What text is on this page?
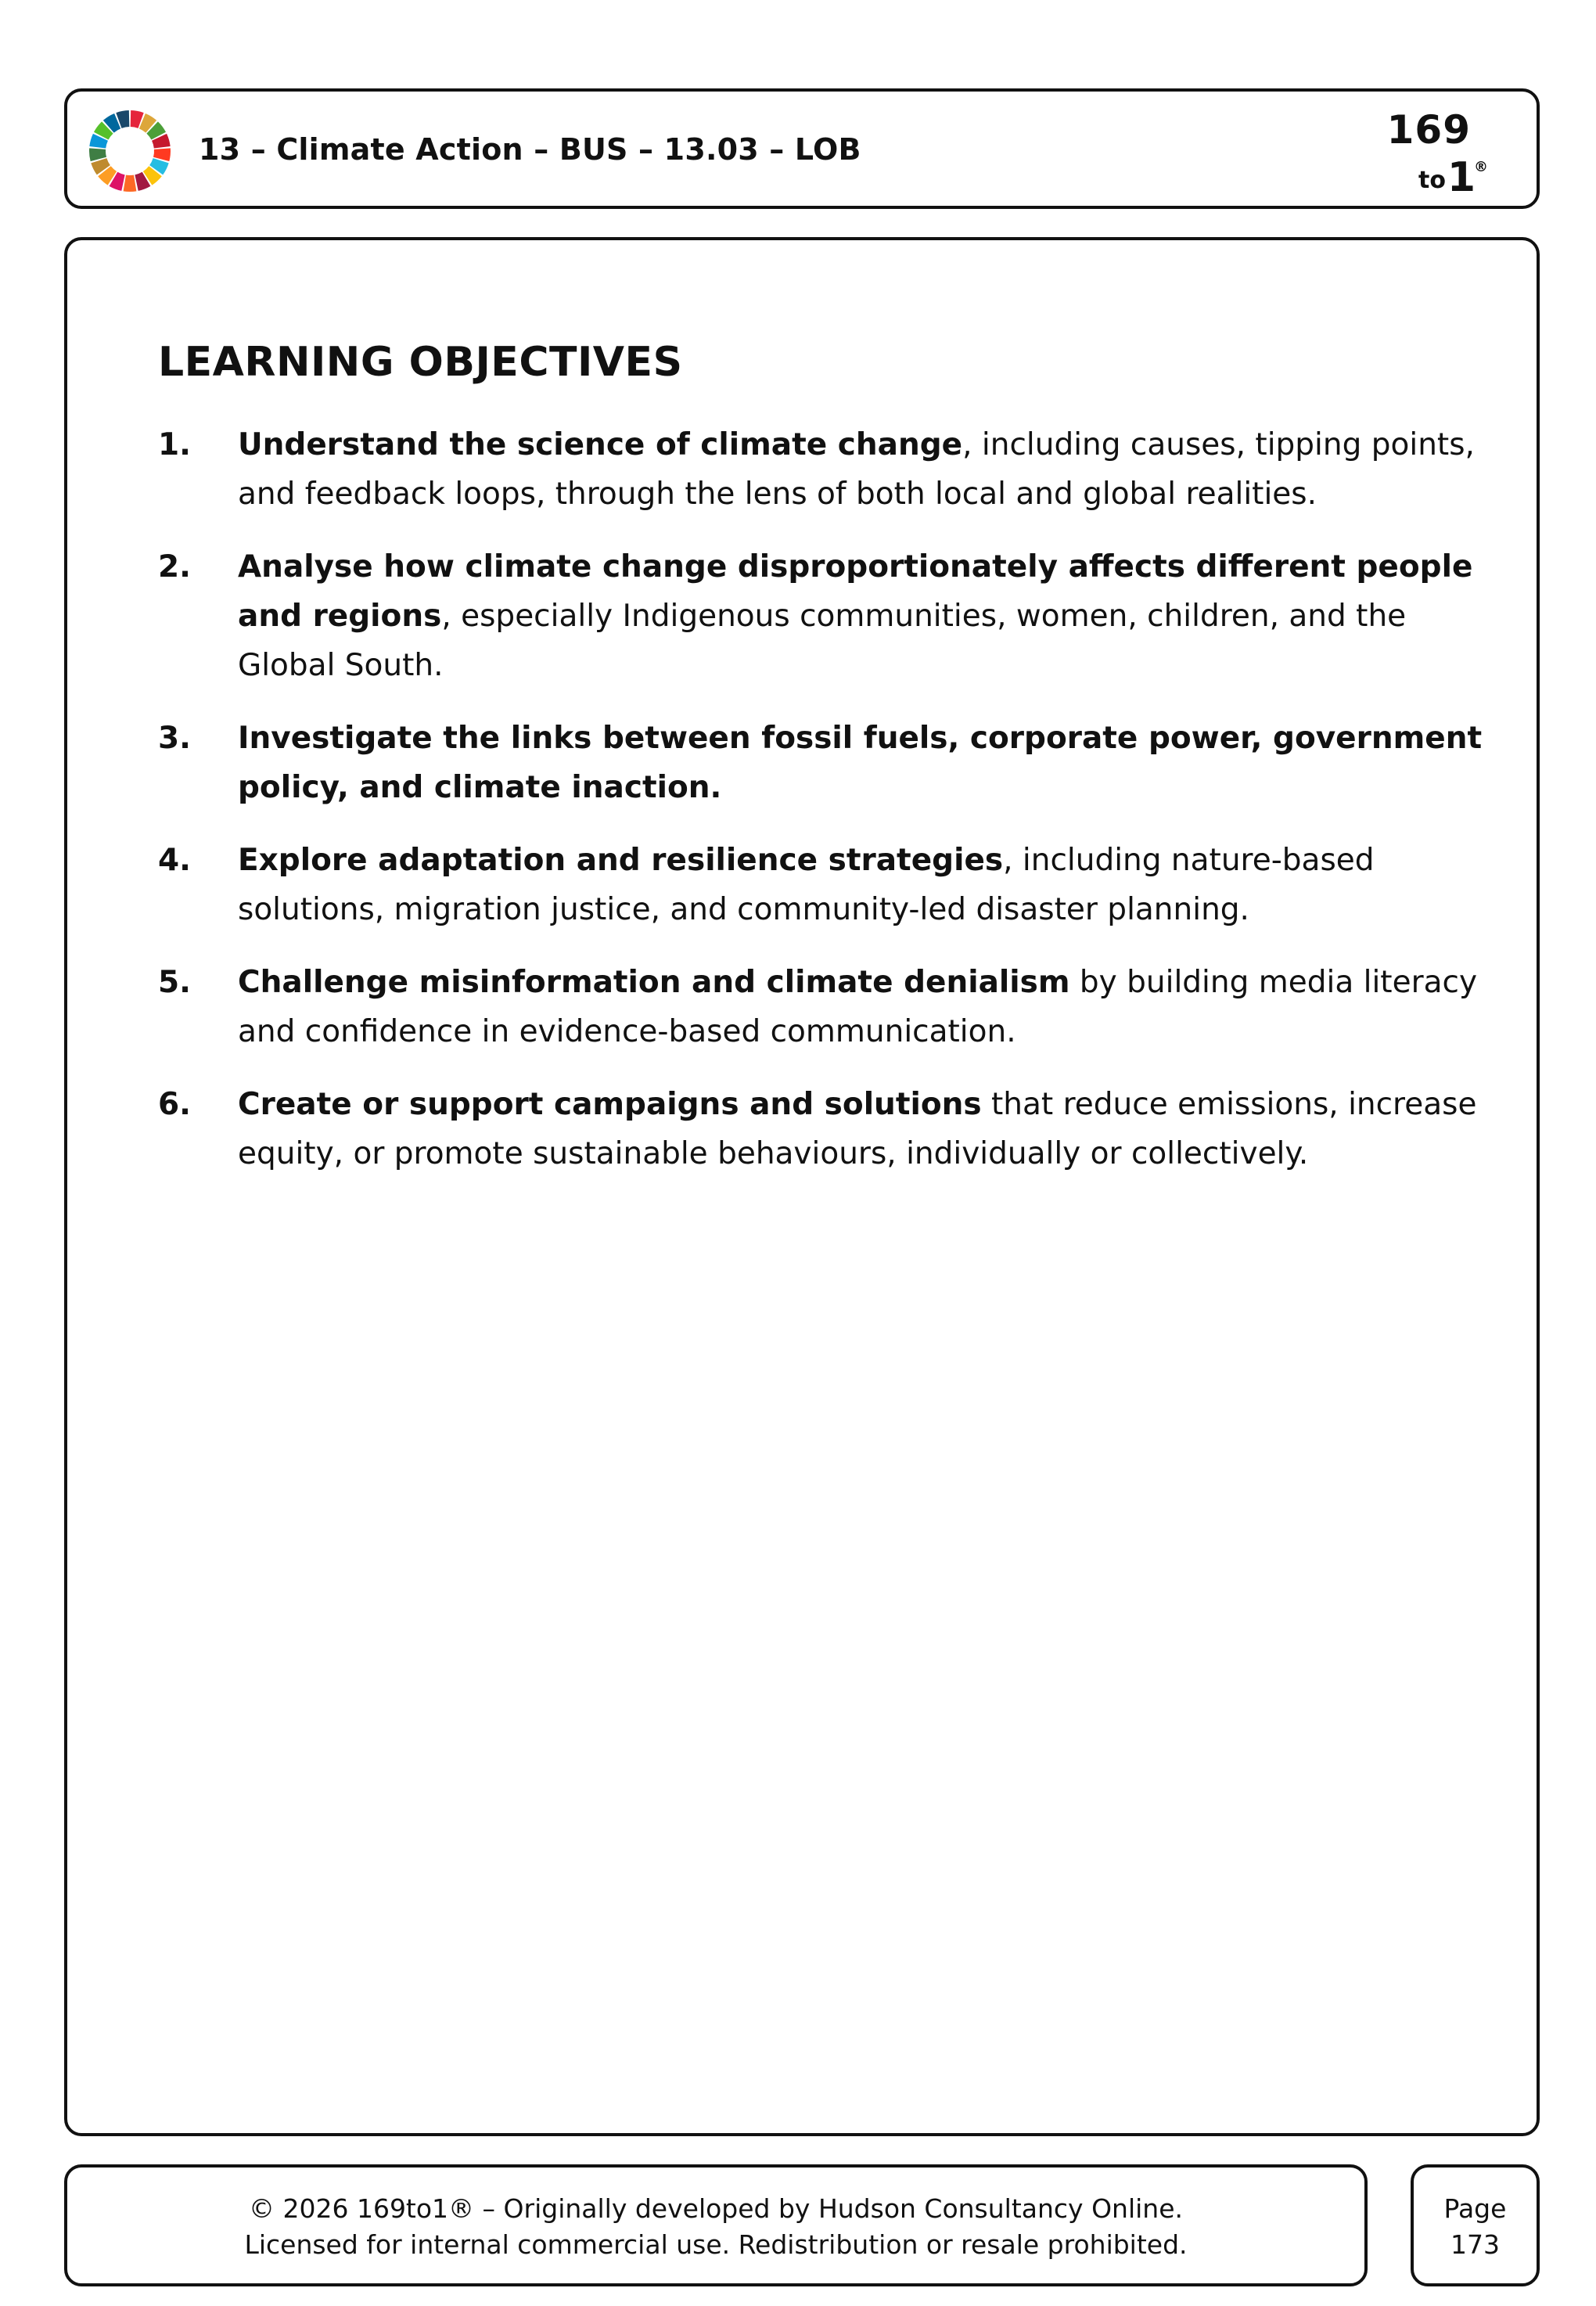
13 – Climate Action – BUS – 13.03 – LOB	169
to 1
®
LEARNING OBJECTIVES
1. Understand the science of climate change, including causes, tipping points, and feedback loops, through the lens of both local and global realities.
2. Analyse how climate change disproportionately affects different people and regions, especially Indigenous communities, women, children, and the Global South.
3. Investigate the links between fossil fuels, corporate power, government policy, and climate inaction.
4. Explore adaptation and resilience strategies, including nature-based solutions, migration justice, and community-led disaster planning.
5. Challenge misinformation and climate denialism by building media literacy and confidence in evidence-based communication.
6. Create or support campaigns and solutions that reduce emissions, increase equity, or promote sustainable behaviours, individually or collectively.
© 2026 169to1® – Originally developed by Hudson Consultancy Online.
Licensed for internal commercial use. Redistribution or resale prohibited.
Page
173
